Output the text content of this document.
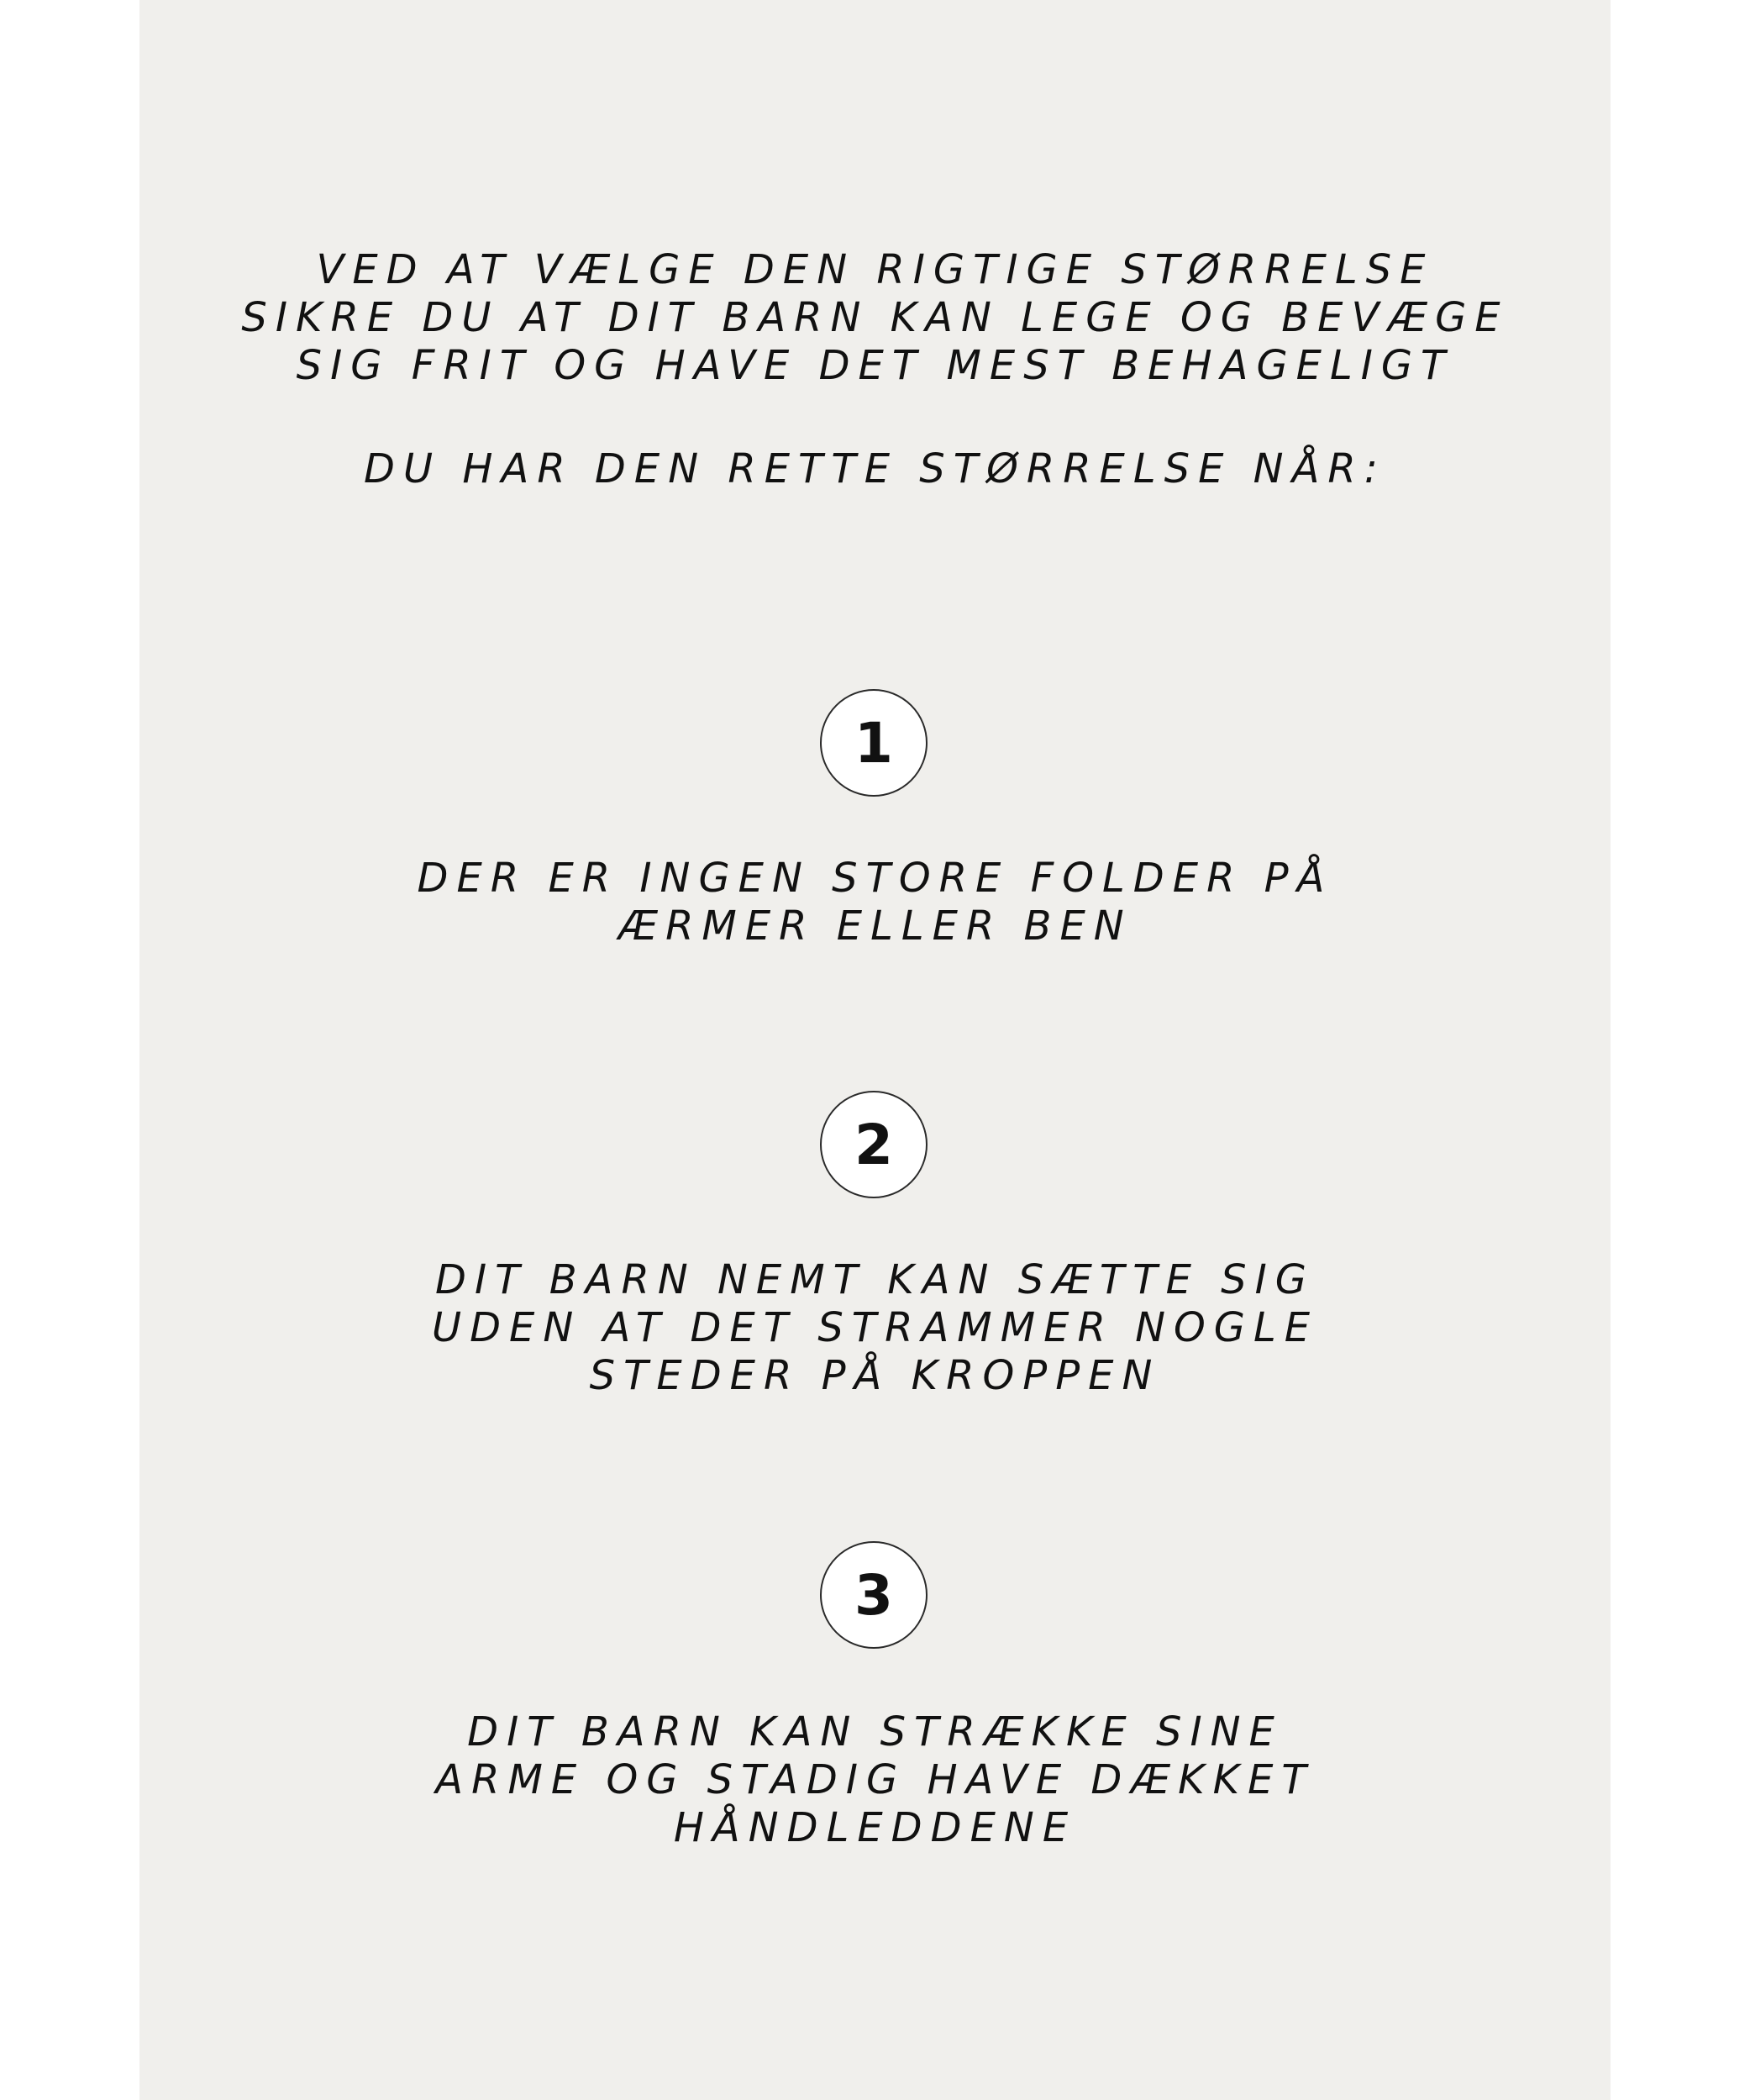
VED AT VÆLGE DEN RIGTIGE STØRRELSE
SIKRE DU AT DIT BARN KAN LEGE OG BEVÆGE
SIG FRIT OG HAVE DET MEST BEHAGELIGT
DU HAR DEN RETTE STØRRELSE NÅR:
1
DER ER INGEN STORE FOLDER PÅ
ÆRMER ELLER BEN
2
DIT BARN NEMT KAN SÆTTE SIG
UDEN AT DET STRAMMER NOGLE
STEDER PÅ KROPPEN
3
DIT BARN KAN STRÆKKE SINE
ARME OG STADIG HAVE DÆKKET
HÅNDLEDDENE
